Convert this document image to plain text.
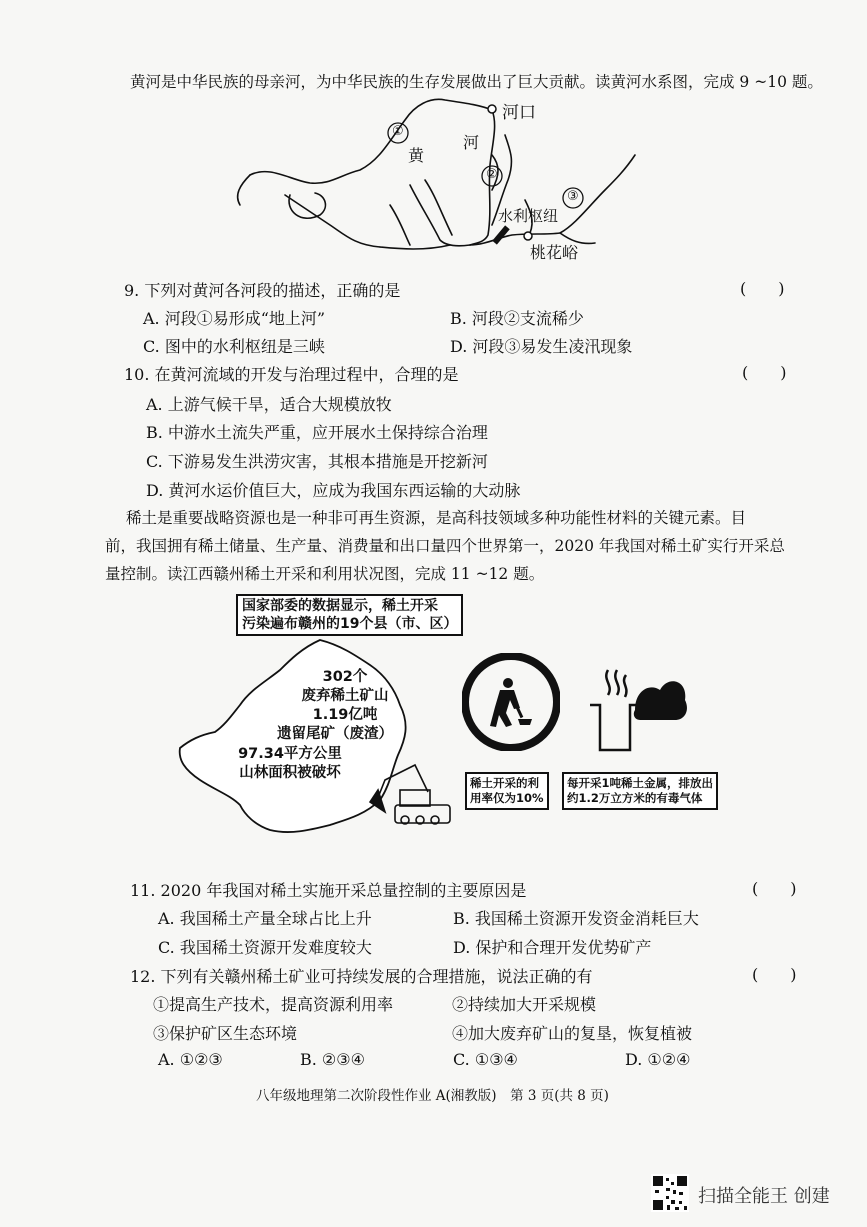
黄河是中华民族的母亲河，为中华民族的生存发展做出了巨大贡献。读黄河水系图，完成 9 ~10 题。
①
②
③
河口
黄
河
水利枢纽
桃花峪
9. 下列对黄河各河段的描述，正确的是	(　　)
A. 河段①易形成“地上河”	B. 河段②支流稀少
C. 图中的水利枢纽是三峡	D. 河段③易发生凌汛现象
10. 在黄河流域的开发与治理过程中，合理的是	(　　)
A. 上游气候干旱，适合大规模放牧
B. 中游水土流失严重，应开展水土保持综合治理
C. 下游易发生洪涝灾害，其根本措施是开挖新河
D. 黄河水运价值巨大，应成为我国东西运输的大动脉
稀土是重要战略资源也是一种非可再生资源，是高科技领域多种功能性材料的关键元素。目
前，我国拥有稀土储量、生产量、消费量和出口量四个世界第一，2020 年我国对稀土矿实行开采总
量控制。读江西赣州稀土开采和利用状况图，完成 11 ~12 题。
国家部委的数据显示，稀土开采
污染遍布赣州的19个县（市、区）
302个
废弃稀土矿山
1.19亿吨
遗留尾矿（废渣）
97.34平方公里
山林面积被破坏
稀土开采的利
用率仅为10%
每开采1吨稀土金属，排放出
约1.2万立方米的有毒气体
11. 2020 年我国对稀土实施开采总量控制的主要原因是	(　　)
A. 我国稀土产量全球占比上升	B. 我国稀土资源开发资金消耗巨大
C. 我国稀土资源开发难度较大	D. 保护和合理开发优势矿产
12. 下列有关赣州稀土矿业可持续发展的合理措施，说法正确的有	(　　)
①提高生产技术，提高资源利用率	②持续加大开采规模
③保护矿区生态环境	④加大废弃矿山的复垦，恢复植被
A. ①②③	B. ②③④	C. ①③④	D. ①②④
八年级地理第二次阶段性作业 A(湘教版)　第 3 页(共 8 页)
扫描全能王 创建
